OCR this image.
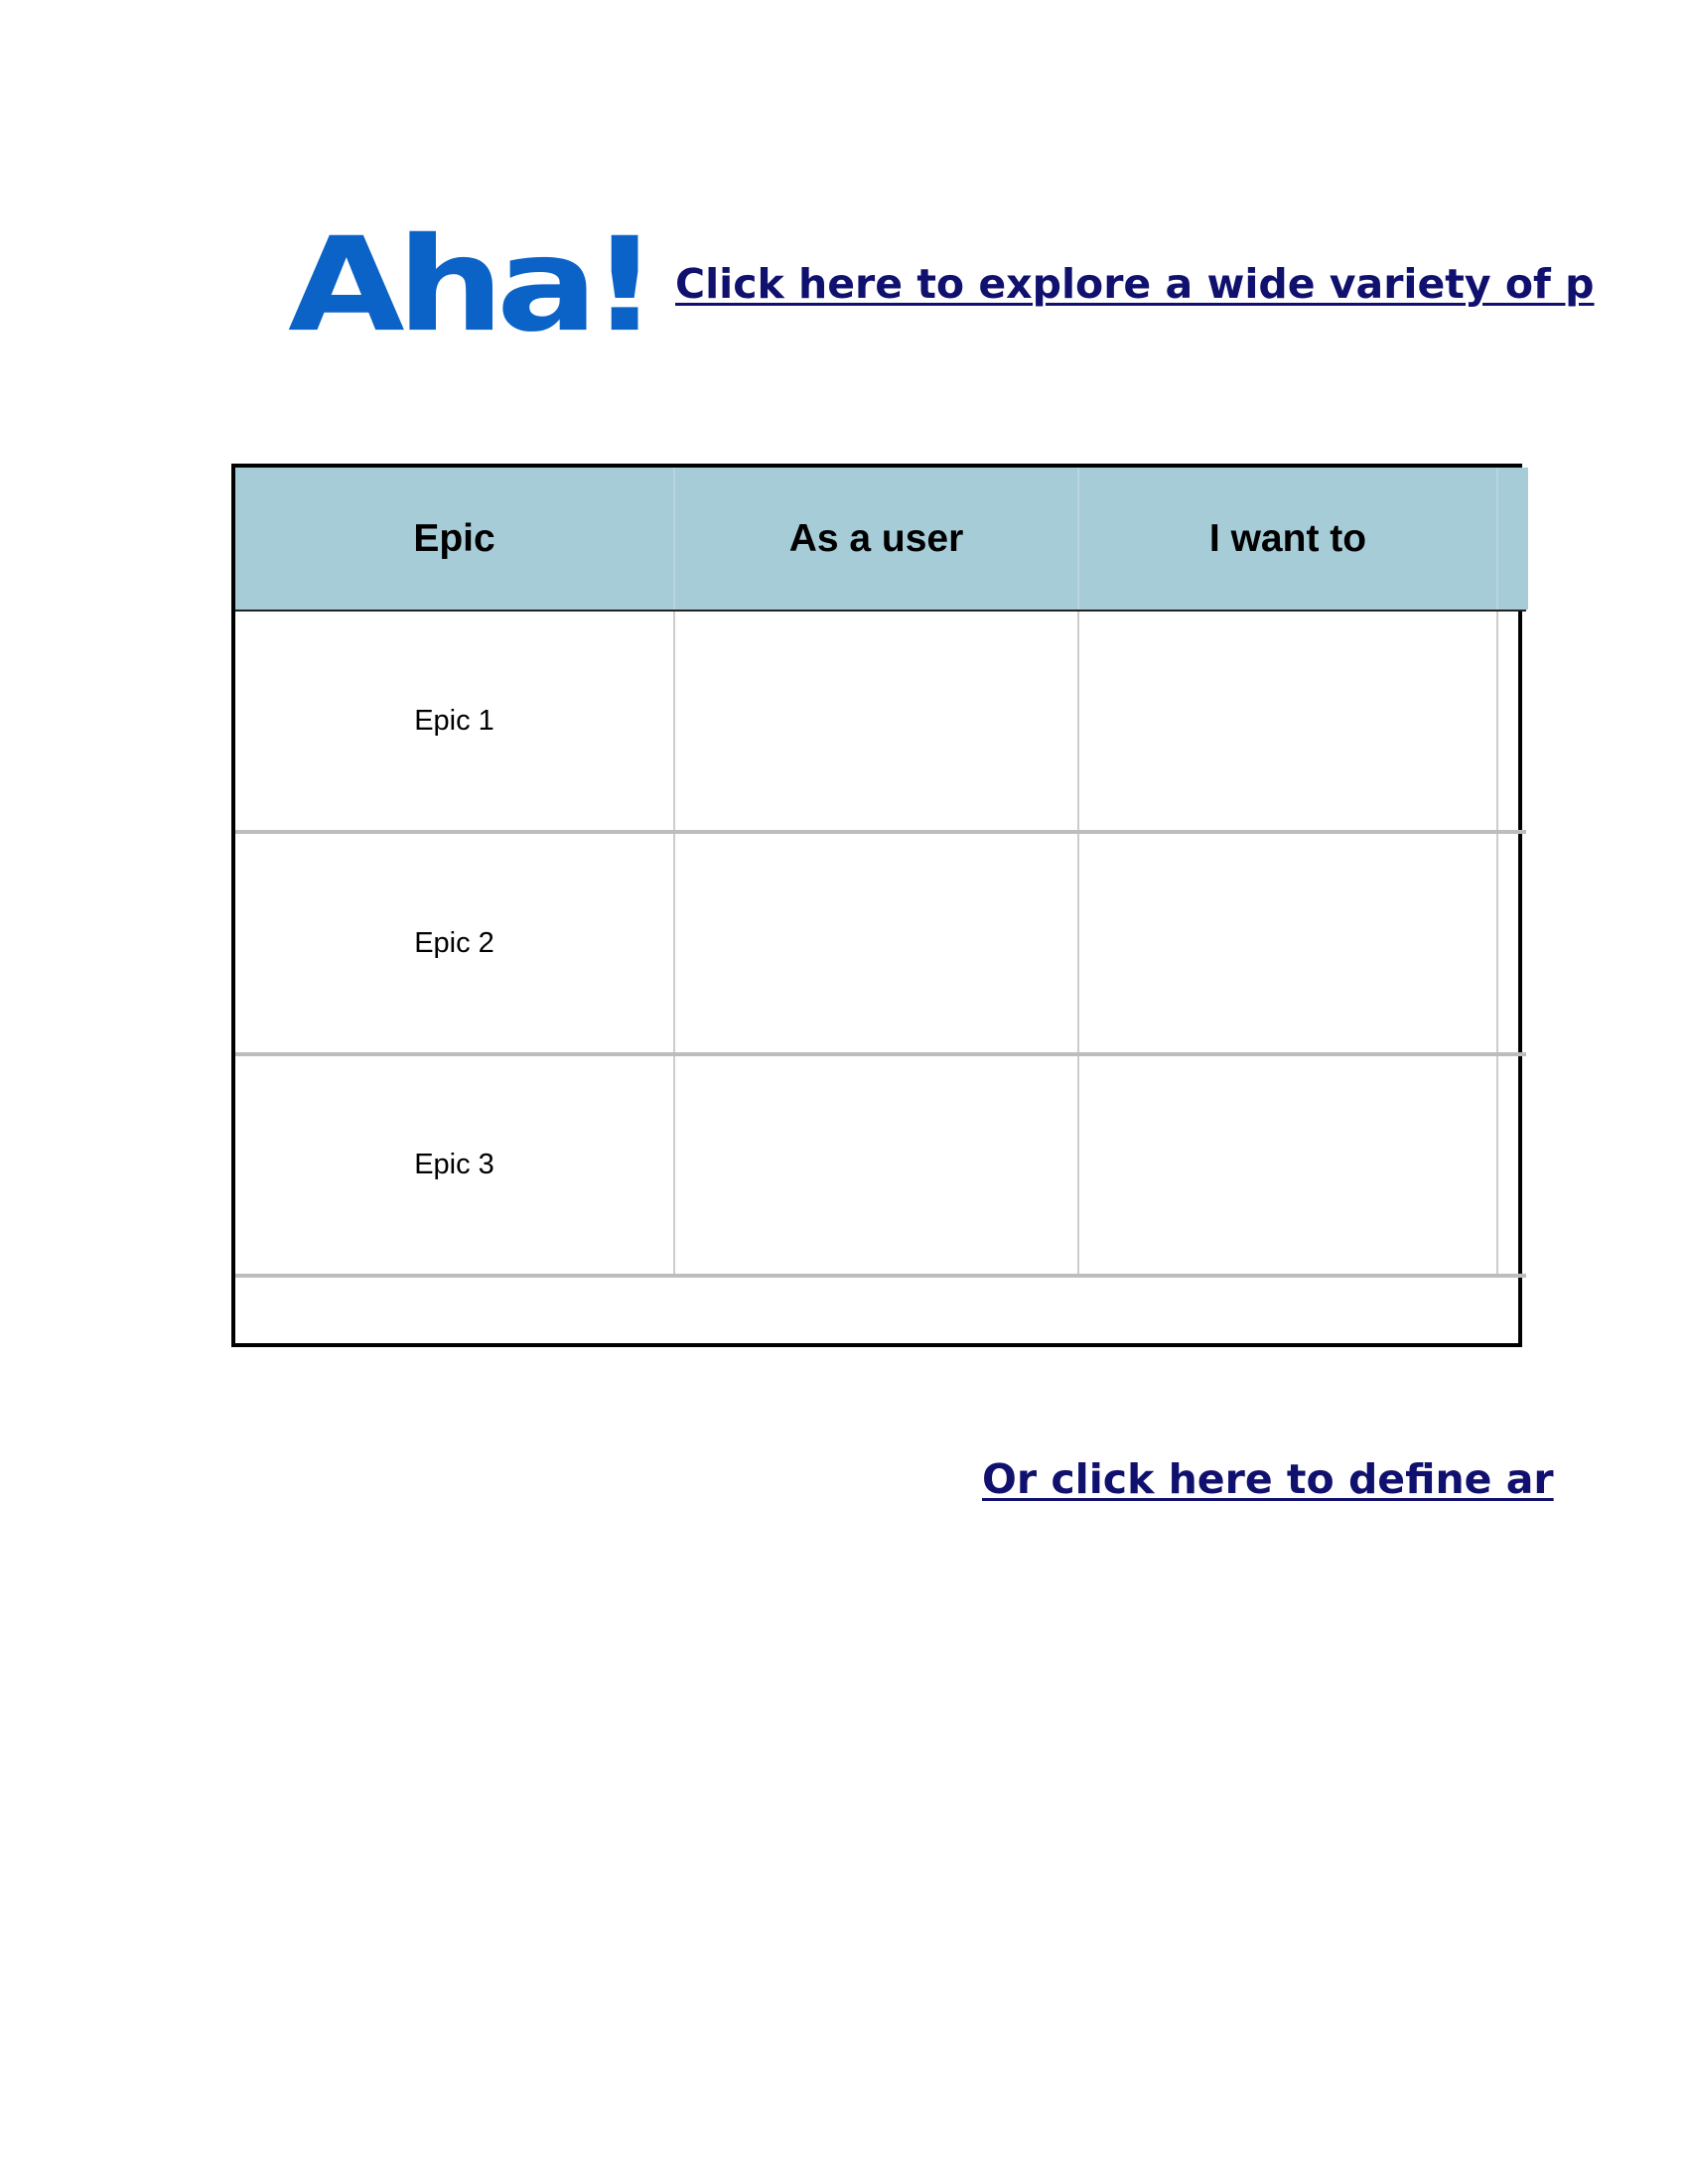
Aha! Click here to explore a wide variety of p
Epic	As a user	I want to
Epic 1
Epic 2
Epic 3
Or click here to define ar
